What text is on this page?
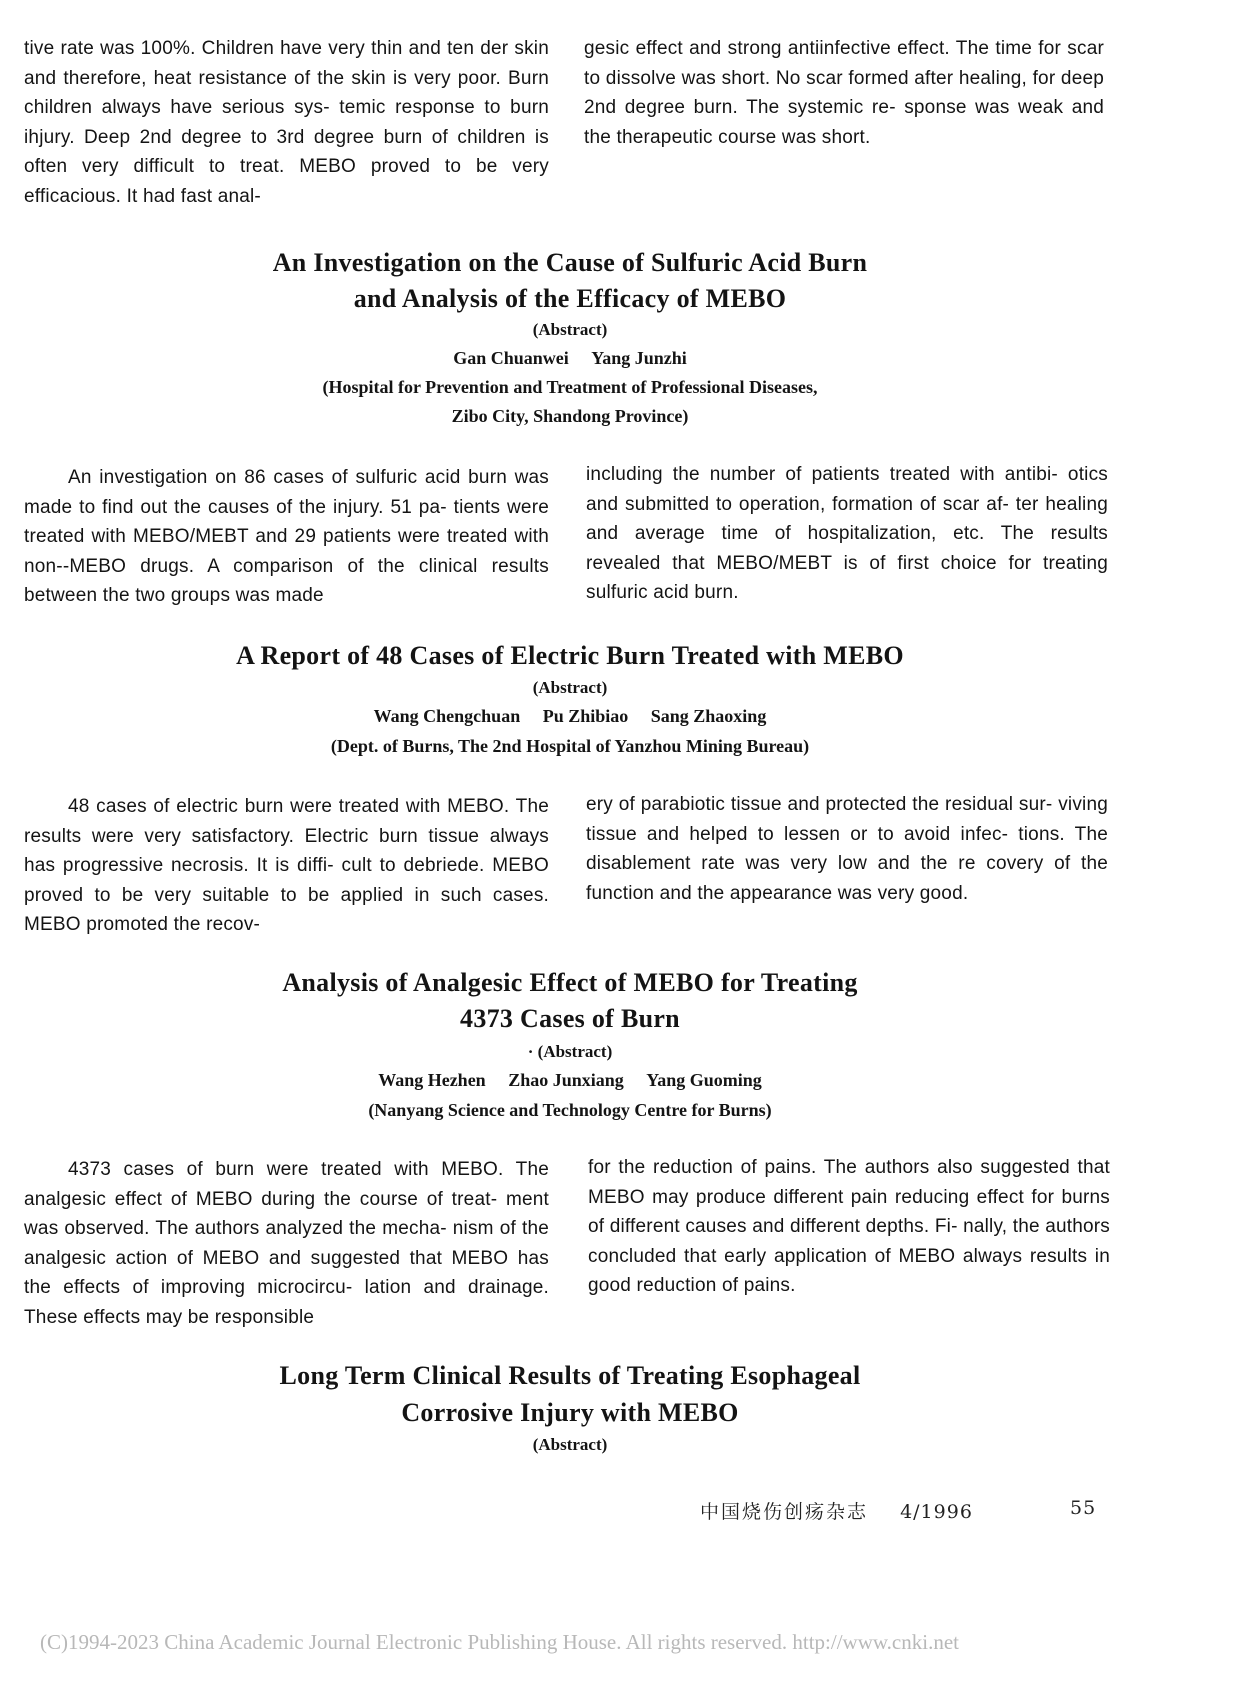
tive rate was 100%. Children have very thin and ten der skin and therefore, heat resistance of the skin is very poor. Burn children always have serious sys- temic response to burn ihjury. Deep 2nd degree to 3rd degree burn of children is often very difficult to treat. MEBO proved to be very efficacious. It had fast anal-

gesic effect and strong antiinfective effect. The time for scar to dissolve was short. No scar formed after healing, for deep 2nd degree burn. The systemic re- sponse was weak and the therapeutic course was short.

An Investigation on the Cause of Sulfuric Acid Burn
and Analysis of the Efficacy of MEBO
(Abstract)
Gan Chuanwei Yang Junzhi
(Hospital for Prevention and Treatment of Professional Diseases,
Zibo City, Shandong Province)

An investigation on 86 cases of sulfuric acid burn was made to find out the causes of the injury. 51 pa- tients were treated with MEBO/MEBT and 29 patients were treated with non--MEBO drugs. A comparison of the clinical results between the two groups was made

including the number of patients treated with antibi- otics and submitted to operation, formation of scar af- ter healing and average time of hospitalization, etc. The results revealed that MEBO/MEBT is of first choice for treating sulfuric acid burn.

A Report of 48 Cases of Electric Burn Treated with MEBO
(Abstract)
Wang Chengchuan Pu Zhibiao Sang Zhaoxing
(Dept. of Burns, The 2nd Hospital of Yanzhou Mining Bureau)

48 cases of electric burn were treated with MEBO. The results were very satisfactory. Electric burn tissue always has progressive necrosis. It is diffi- cult to debriede. MEBO proved to be very suitable to be applied in such cases. MEBO promoted the recov-

ery of parabiotic tissue and protected the residual sur- viving tissue and helped to lessen or to avoid infec- tions. The disablement rate was very low and the re covery of the function and the appearance was very good.

Analysis of Analgesic Effect of MEBO for Treating
4373 Cases of Burn
· (Abstract)
Wang Hezhen Zhao Junxiang Yang Guoming
(Nanyang Science and Technology Centre for Burns)

4373 cases of burn were treated with MEBO. The analgesic effect of MEBO during the course of treat- ment was observed. The authors analyzed the mecha- nism of the analgesic action of MEBO and suggested that MEBO has the effects of improving microcircu- lation and drainage. These effects may be responsible

for the reduction of pains. The authors also suggested that MEBO may produce different pain reducing effect for burns of different causes and different depths. Fi- nally, the authors concluded that early application of MEBO always results in good reduction of pains.

Long Term Clinical Results of Treating Esophageal
Corrosive Injury with MEBO
(Abstract)
中国烧伤创疡杂志 4/1996	55
(C)1994-2023 China Academic Journal Electronic Publishing House. All rights reserved. http://www.cnki.net
